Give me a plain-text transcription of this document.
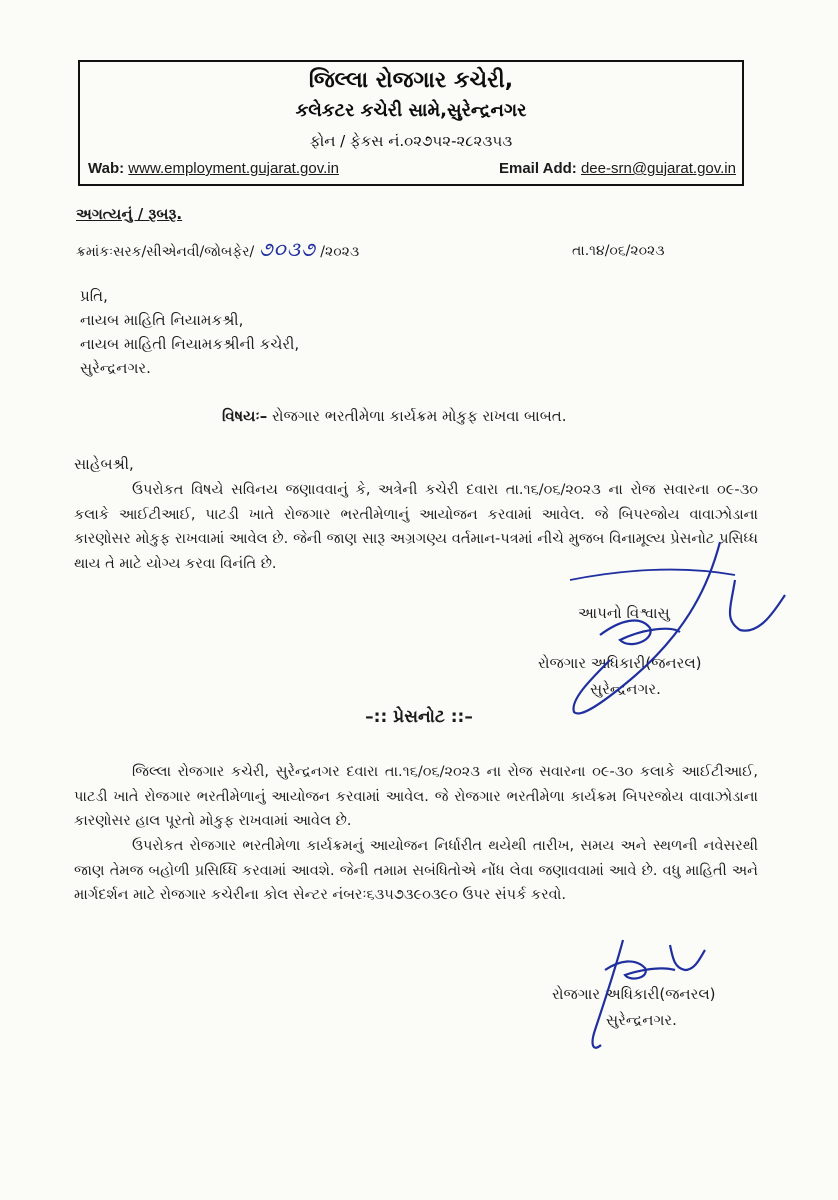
જિલ્લા રોજગાર કચેરી,
કલેકટર કચેરી સામે,સુરેન્દ્રનગર
ફોન / ફેકસ નં.૦૨૭૫૨-૨૮૨૩૫૩
Wab: www.employment.gujarat.gov.in	Email Add: dee-srn@gujarat.gov.in
અગત્યનું / રૂબરૂ.
ક્રમાંકઃસરક/સીએનવી/જોબફેર/ ૭૦૩૭ /૨૦૨૩	તા.૧૪/૦૬/૨૦૨૩
પ્રતિ,
નાયબ માહિતિ નિયામકશ્રી,
નાયબ માહિતી નિયામકશ્રીની કચેરી,
સુરેન્દ્રનગર.
વિષયઃ– રોજગાર ભરતીમેળા કાર્યક્રમ મોકુફ રાખવા બાબત.
સાહેબશ્રી,
ઉપરોકત વિષયે સવિનય જણાવવાનું કે, અત્રેની કચેરી દવારા તા.૧૬/૦૬/૨૦૨૩ ના રોજ સવારના ૦૯-૩૦ કલાકે આઈટીઆઈ, પાટડી ખાતે રોજગાર ભરતીમેળાનું આયોજન કરવામાં આવેલ. જે બિપરજોય વાવાઝોડાના કારણોસર મોકુફ રાખવામાં આવેલ છે. જેની જાણ સારૂ અગ્રગણ્ય વર્તમાન-પત્રમાં નીચે મુજબ વિનામૂલ્ય પ્રેસનોટ પ્રસિધ્ધ થાય તે માટે યોગ્ય કરવા વિનંતિ છે.
આપનો વિશ્વાસુ
રોજગાર અધિકારી(જનરલ)
સુરેન્દ્રનગર.
–:: પ્રેસનોટ ::–
જિલ્લા રોજગાર કચેરી, સુરેન્દ્રનગર દવારા તા.૧૬/૦૬/૨૦૨૩ ના રોજ સવારના ૦૯-૩૦ કલાકે આઈટીઆઈ, પાટડી ખાતે રોજગાર ભરતીમેળાનું આયોજન કરવામાં આવેલ. જે રોજગાર ભરતીમેળા કાર્યક્રમ બિપરજોય વાવાઝોડાના કારણોસર હાલ પૂરતો મોકુફ રાખવામાં આવેલ છે.
ઉપરોકત રોજગાર ભરતીમેળા કાર્યક્રમનું આયોજન નિર્ધારીત થયેથી તારીખ, સમય અને સ્થળની નવેસરથી જાણ તેમજ બહોળી પ્રસિધ્ધિ કરવામાં આવશે. જેની તમામ સબંધિતોએ નોંધ લેવા જણાવવામાં આવે છે. વધુ માહિતી અને માર્ગદર્શન માટે રોજગાર કચેરીના કોલ સેન્ટર નંબરઃ૬૩૫૭૩૯૦૩૯૦ ઉપર સંપર્ક કરવો.
રોજગાર અધિકારી(જનરલ)
સુરેન્દ્રનગર.
